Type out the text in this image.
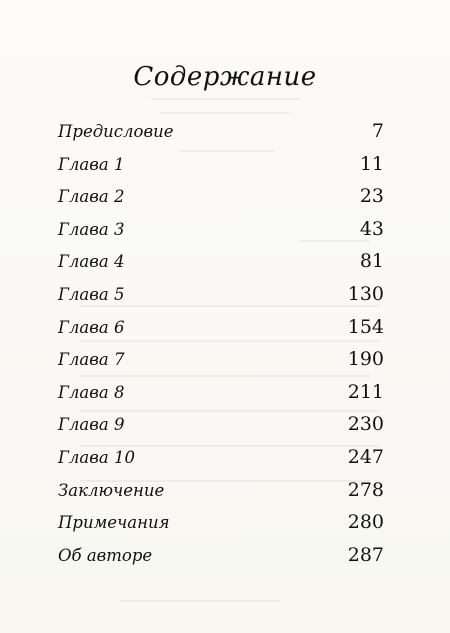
Содержание
Предисловие	7
Глава 1	11
Глава 2	23
Глава 3	43
Глава 4	81
Глава 5	130
Глава 6	154
Глава 7	190
Глава 8	211
Глава 9	230
Глава 10	247
Заключение	278
Примечания	280
Об авторе	287
